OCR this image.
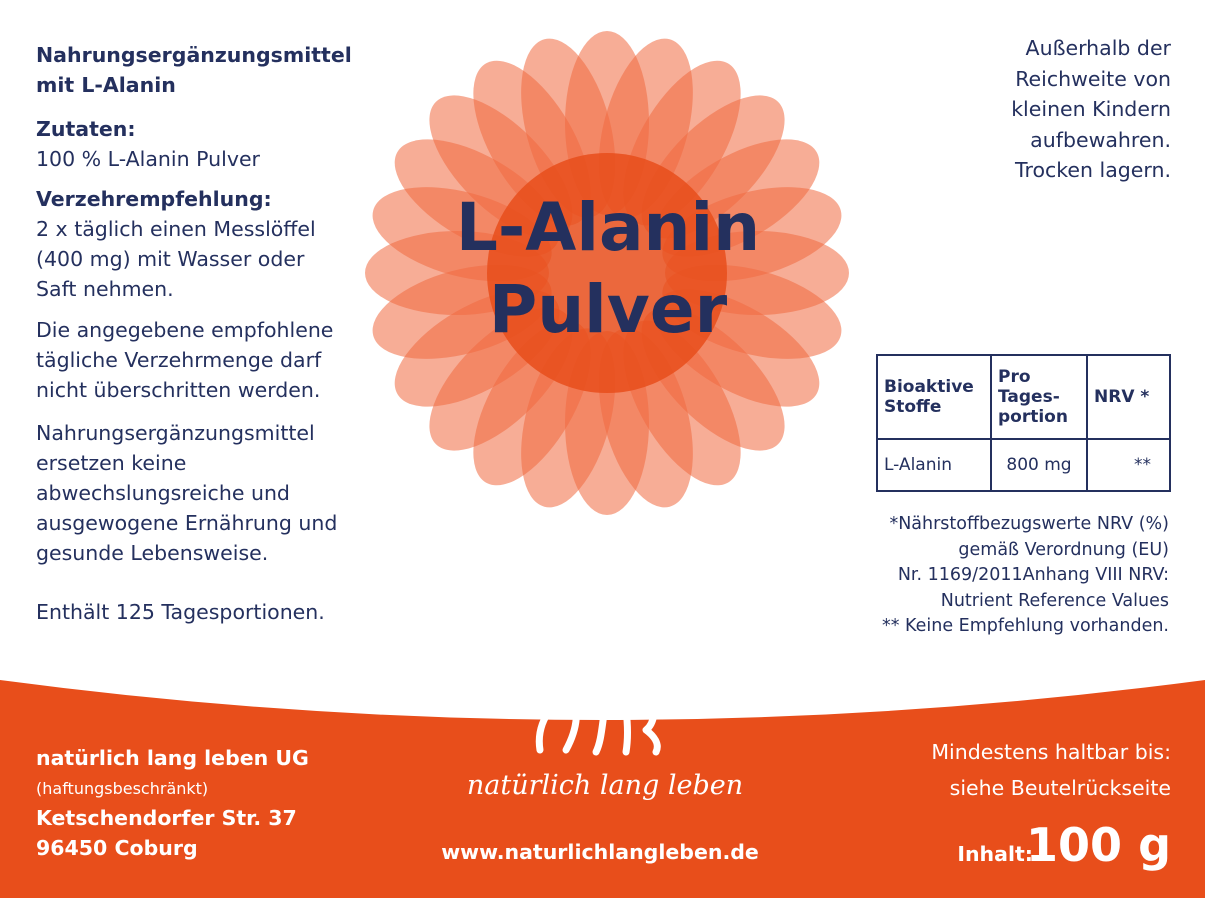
Nahrungsergänzungsmittel mit L-Alanin
Zutaten:
100 % L-Alanin Pulver
Verzehrempfehlung:
2 x täglich einen Messlöffel (400 mg) mit Wasser oder Saft nehmen.
Die angegebene empfohlene tägliche Verzehrmenge darf nicht überschritten werden.
Nahrungsergänzungsmittel ersetzen keine abwechslungsreiche und ausgewogene Ernährung und gesunde Lebensweise.
Enthält 125 Tagesportionen.
L-Alanin
Pulver
Außerhalb der
Reichweite von
kleinen Kindern
aufbewahren.
Trocken lagern.
Bioaktive Stoffe	Pro Tages-portion	NRV *
L-Alanin	800 mg	**
*Nährstoffbezugswerte NRV (%)
gemäß Verordnung (EU)
Nr. 1169/2011Anhang VIII NRV:
Nutrient Reference Values
** Keine Empfehlung vorhanden.
natürlich lang leben UG
(haftungsbeschränkt)
Ketschendorfer Str. 37
96450 Coburg
natürlich lang leben
www.naturlichlangleben.de
Mindestens haltbar bis:
siehe Beutelrückseite
Inhalt:
100 g
